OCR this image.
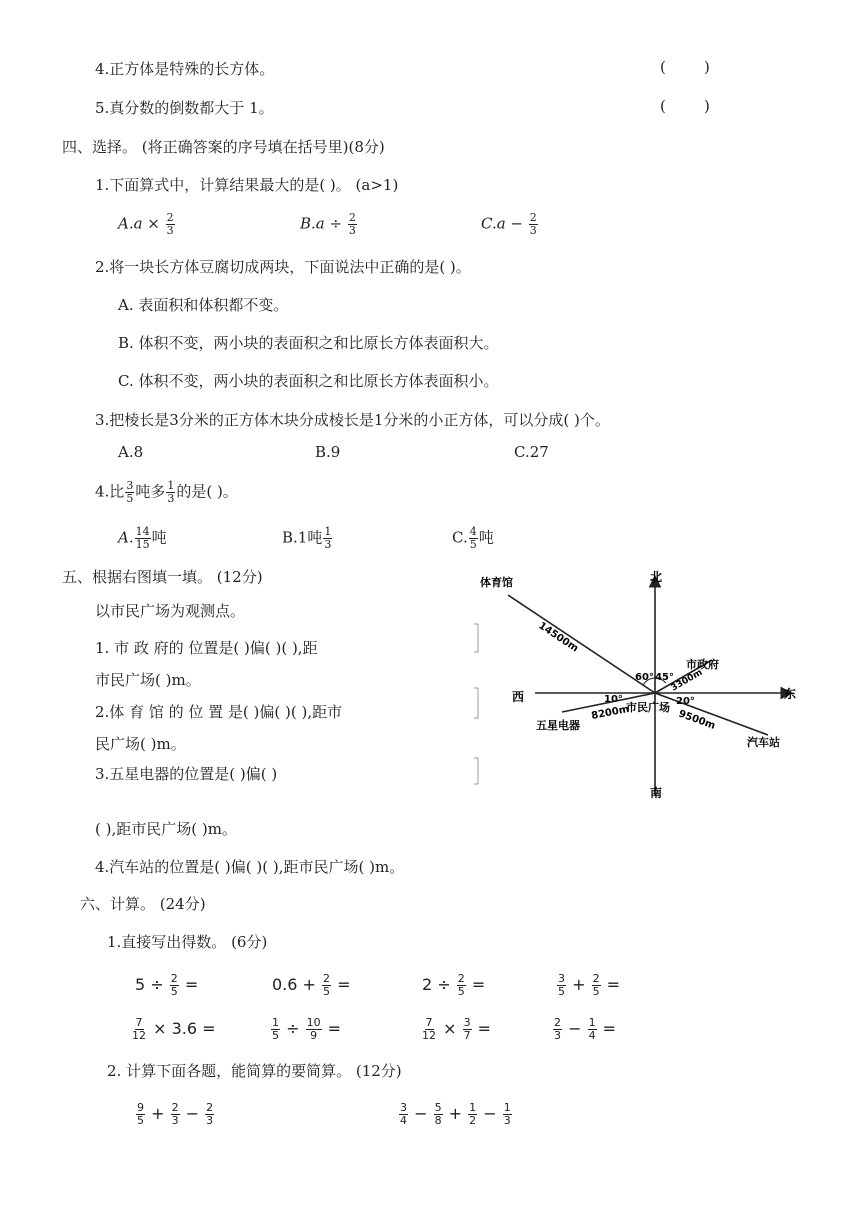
4.正方体是特殊的长方体。	(        )
5.真分数的倒数都大于 1。	(        )
四、选择。 (将正确答案的序号填在括号里)(8分)
1.下面算式中，计算结果最大的是( )。 (a>1)
$A.a \times \frac{2}{3}$	$B.a \div \frac{2}{3}$	$C.a - \frac{2}{3}$
2.将一块长方体豆腐切成两块，下面说法中正确的是( )。
A. 表面积和体积都不变。
B. 体积不变，两小块的表面积之和比原长方体表面积大。
C. 体积不变，两小块的表面积之和比原长方体表面积小。
3.把棱长是3分米的正方体木块分成棱长是1分米的小正方体，可以分成( )个。
A.8	B.9	C.27
4.比 $\frac{3}{5}$ 吨多 $\frac{1}{3}$ 的是( )。
A. $\frac{14}{15}$ 吨	B.1吨 $\frac{1}{3}$	C. $\frac{4}{5}$ 吨
五、根据右图填一填。 (12分)
以市民广场为观测点。
1. 市 政 府的 位置是( )偏( )( ),距
市民广场( )m。
2.体 育 馆 的 位 置 是( )偏( )( ),距市
民广场( )m。
3.五星电器的位置是( )偏( )
( ),距市民广场( )m。
4.汽车站的位置是( )偏( )( ),距市民广场( )m。
北
南
东
西
体育馆
市政府
五星电器
汽车站
市民广场
14500m
3300m
8200m	9500m
60° 45°
10°	20°
六、计算。 (24分)
1.直接写出得数。 (6分)
$5 \div \frac{2}{5}$ =	$0.6 + \frac{2}{5}$ =	$2 \div \frac{2}{5}$ =	$\frac{3}{5} + \frac{2}{5}$ =
$\frac{7}{12} \times 3.6$ =	$\frac{1}{5} \div \frac{10}{9}$ =	$\frac{7}{12} \times \frac{3}{7}$ =	$\frac{2}{3} - \frac{1}{4}$ =
2. 计算下面各题，能简算的要简算。 (12分)
$\frac{9}{5} + \frac{2}{3} - \frac{2}{3}$	$\frac{3}{4} - \frac{5}{8} + \frac{1}{2} - \frac{1}{3}$
